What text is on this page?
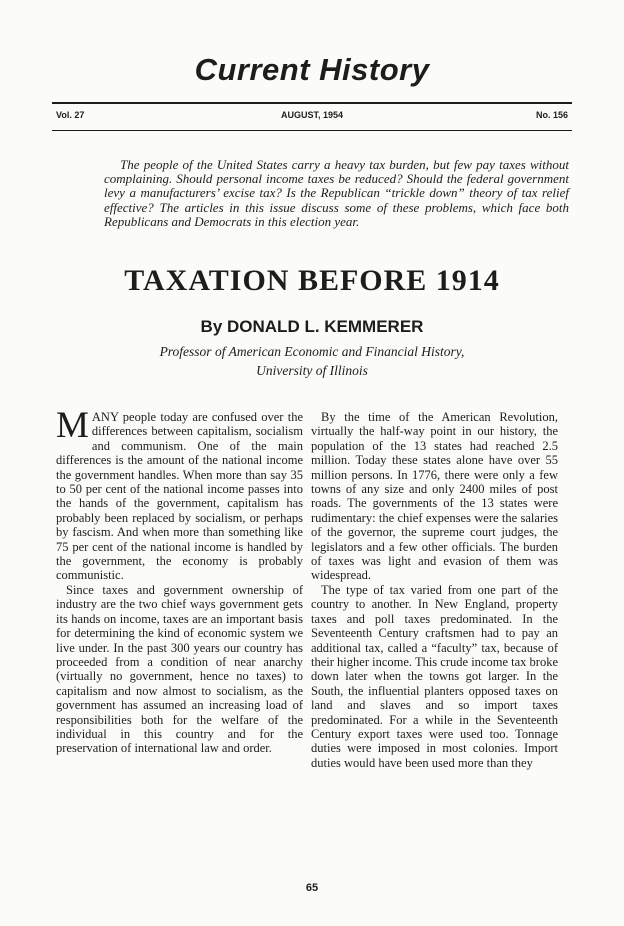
Current History
Vol. 27	AUGUST, 1954	No. 156

The people of the United States carry a heavy tax burden, but few pay taxes without complaining. Should personal income taxes be reduced? Should the federal government levy a manufacturers’ excise tax? Is the Republican “trickle down” theory of tax relief effective? The articles in this issue discuss some of these problems, which face both Republicans and Democrats in this election year.

TAXATION BEFORE 1914
By DONALD L. KEMMERER
Professor of American Economic and Financial History,
University of Illinois

MANY people today are confused over the differences between capitalism, socialism and communism. One of the main differences is the amount of the national income the government handles. When more than say 35 to 50 per cent of the national income passes into the hands of the government, capitalism has probably been replaced by socialism, or perhaps by fascism. And when more than something like 75 per cent of the national income is handled by the government, the economy is probably communistic.

Since taxes and government ownership of industry are the two chief ways government gets its hands on income, taxes are an important basis for determining the kind of economic system we live under. In the past 300 years our country has proceeded from a condition of near anarchy (virtually no government, hence no taxes) to capitalism and now almost to socialism, as the government has assumed an increasing load of responsibilities both for the welfare of the individual in this country and for the preservation of international law and order.

By the time of the American Revolution, virtually the half-way point in our history, the population of the 13 states had reached 2.5 million. Today these states alone have over 55 million persons. In 1776, there were only a few towns of any size and only 2400 miles of post roads. The governments of the 13 states were rudimentary: the chief expenses were the salaries of the governor, the supreme court judges, the legislators and a few other officials. The burden of taxes was light and evasion of them was widespread.

The type of tax varied from one part of the country to another. In New England, property taxes and poll taxes predominated. In the Seventeenth Century craftsmen had to pay an additional tax, called a “faculty” tax, because of their higher income. This crude income tax broke down later when the towns got larger. In the South, the influential planters opposed taxes on land and slaves and so import taxes predominated. For a while in the Seventeenth Century export taxes were used too. Tonnage duties were imposed in most colonies. Import duties would have been used more than they

65
